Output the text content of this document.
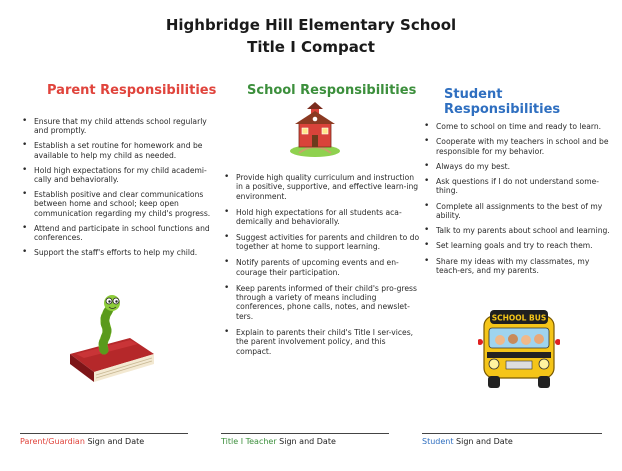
Highbridge Hill Elementary School
Title I Compact
Parent Responsibilities School Responsibilities Student Responsibilities
• Ensure that my child attends school regularly and promptly.
• Establish a set routine for homework and be available to help my child as needed.
• Hold high expectations for my child academi-cally and behaviorally.
• Establish positive and clear communications between home and school; keep open communication regarding my child's progress.
• Attend and participate in school functions and conferences.
• Support the staff's efforts to help my child.
• Provide high quality curriculum and instruction in a positive, supportive, and effective learn-ing environment.
• Hold high expectations for all students aca-demically and behaviorally.
• Suggest activities for parents and children to do together at home to support learning.
• Notify parents of upcoming events and en-courage their participation.
• Keep parents informed of their child's pro-gress through a variety of means including conferences, phone calls, notes, and newslet-ters.
• Explain to parents their child's Title I ser-vices, the parent involvement policy, and this compact.
• Come to school on time and ready to learn.
• Cooperate with my teachers in school and be responsible for my behavior.
• Always do my best.
• Ask questions if I do not understand some-thing.
• Complete all assignments to the best of my ability.
• Talk to my parents about school and learning.
• Set learning goals and try to reach them.
• Share my ideas with my classmates, my teach-ers, and my parents.
SCHOOL BUS
Parent/Guardian Sign and Date	Title I Teacher Sign and Date	Student Sign and Date
